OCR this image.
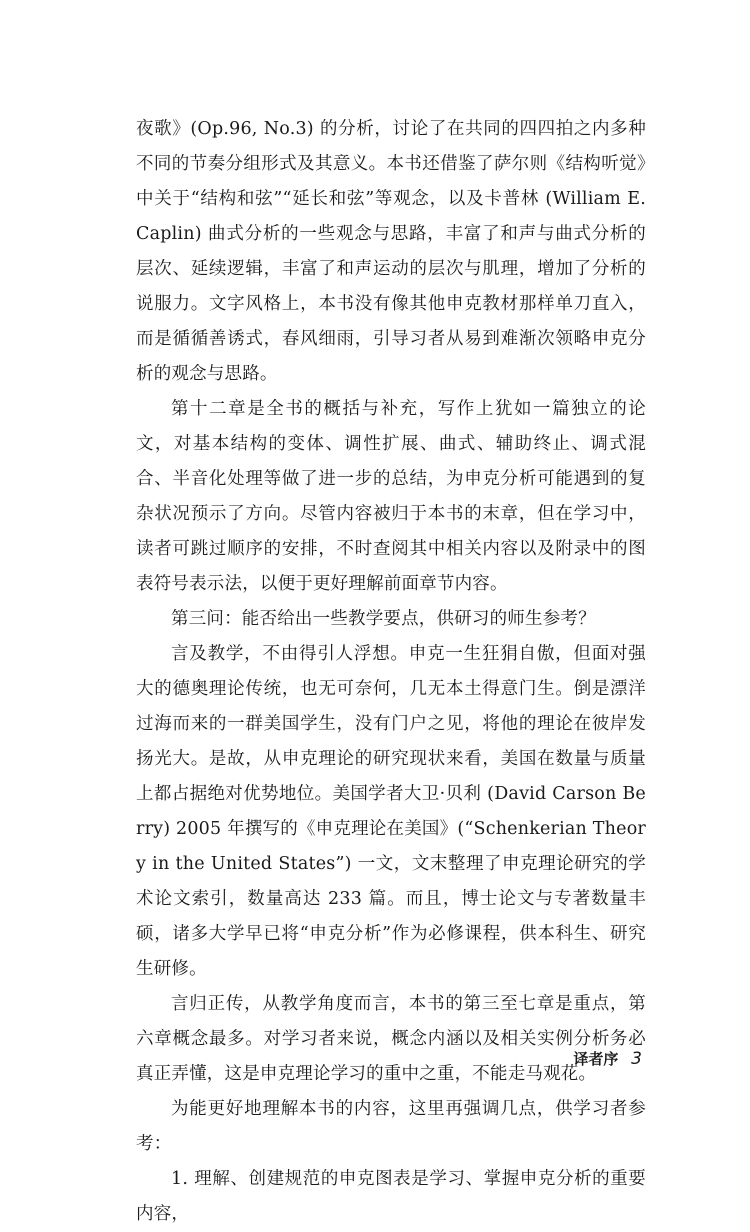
夜歌》(Op.96, No.3) 的分析，讨论了在共同的四四拍之内多种不同的节奏分组形式及其意义。本书还借鉴了萨尔则《结构听觉》中关于“结构和弦”“延长和弦”等观念，以及卡普林 (William E. Caplin) 曲式分析的一些观念与思路，丰富了和声与曲式分析的层次、延续逻辑，丰富了和声运动的层次与肌理，增加了分析的说服力。文字风格上，本书没有像其他申克教材那样单刀直入，而是循循善诱式，春风细雨，引导习者从易到难渐次领略申克分析的观念与思路。

第十二章是全书的概括与补充，写作上犹如一篇独立的论文，对基本结构的变体、调性扩展、曲式、辅助终止、调式混合、半音化处理等做了进一步的总结，为申克分析可能遇到的复杂状况预示了方向。尽管内容被归于本书的末章，但在学习中，读者可跳过顺序的安排，不时查阅其中相关内容以及附录中的图表符号表示法，以便于更好理解前面章节内容。

第三问：能否给出一些教学要点，供研习的师生参考？

言及教学，不由得引人浮想。申克一生狂狷自傲，但面对强大的德奥理论传统，也无可奈何，几无本土得意门生。倒是漂洋过海而来的一群美国学生，没有门户之见，将他的理论在彼岸发扬光大。是故，从申克理论的研究现状来看，美国在数量与质量上都占据绝对优势地位。美国学者大卫·贝利 (David Carson Berry) 2005 年撰写的《申克理论在美国》(“Schenkerian Theory in the United States”) 一文，文末整理了申克理论研究的学术论文索引，数量高达 233 篇。而且，博士论文与专著数量丰硕，诸多大学早已将“申克分析”作为必修课程，供本科生、研究生研修。

言归正传，从教学角度而言，本书的第三至七章是重点，第六章概念最多。对学习者来说，概念内涵以及相关实例分析务必真正弄懂，这是申克理论学习的重中之重，不能走马观花。

为能更好地理解本书的内容，这里再强调几点，供学习者参考：

1. 理解、创建规范的申克图表是学习、掌握申克分析的重要内容，

译者序 3
